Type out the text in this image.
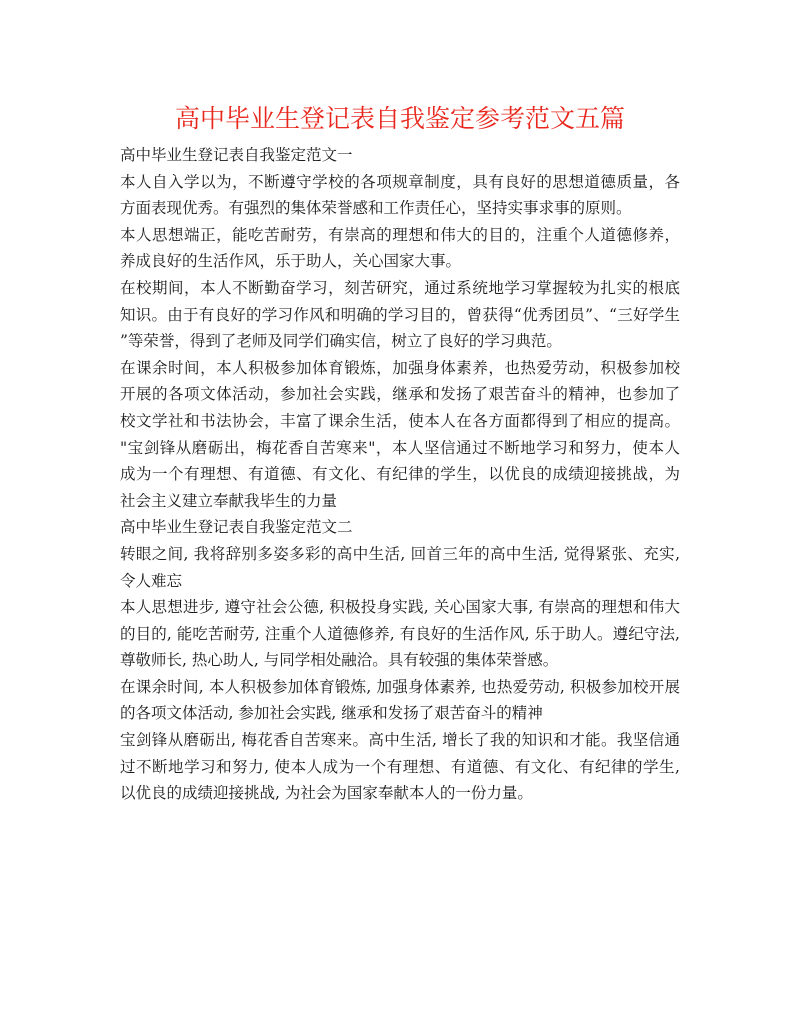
高中毕业生登记表自我鉴定参考范文五篇
高中毕业生登记表自我鉴定范文一
本人自入学以为，不断遵守学校的各项规章制度，具有良好的思想道德质量，各
方面表现优秀。有强烈的集体荣誉感和工作责任心，坚持实事求事的原则。
本人思想端正，能吃苦耐劳，有崇高的理想和伟大的目的，注重个人道德修养，
养成良好的生活作风，乐于助人，关心国家大事。
在校期间，本人不断勤奋学习，刻苦研究，通过系统地学习掌握较为扎实的根底
知识。由于有良好的学习作风和明确的学习目的，曾获得“优秀团员”、“三好学生
”等荣誉，得到了老师及同学们确实信，树立了良好的学习典范。
在课余时间，本人积极参加体育锻炼，加强身体素养，也热爱劳动，积极参加校
开展的各项文体活动，参加社会实践，继承和发扬了艰苦奋斗的精神，也参加了
校文学社和书法协会，丰富了课余生活，使本人在各方面都得到了相应的提高。
"宝剑锋从磨砺出，梅花香自苦寒来"，本人坚信通过不断地学习和努力，使本人
成为一个有理想、有道德、有文化、有纪律的学生，以优良的成绩迎接挑战，为
社会主义建立奉献我毕生的力量
高中毕业生登记表自我鉴定范文二
转眼之间, 我将辞别多姿多彩的高中生活, 回首三年的高中生活, 觉得紧张、充实,
令人难忘
本人思想进步, 遵守社会公德, 积极投身实践, 关心国家大事, 有崇高的理想和伟大
的目的, 能吃苦耐劳, 注重个人道德修养, 有良好的生活作风, 乐于助人。遵纪守法,
尊敬师长, 热心助人, 与同学相处融洽。具有较强的集体荣誉感。
在课余时间, 本人积极参加体育锻炼, 加强身体素养, 也热爱劳动, 积极参加校开展
的各项文体活动, 参加社会实践, 继承和发扬了艰苦奋斗的精神
宝剑锋从磨砺出, 梅花香自苦寒来。高中生活, 增长了我的知识和才能。我坚信通
过不断地学习和努力, 使本人成为一个有理想、有道德、有文化、有纪律的学生,
以优良的成绩迎接挑战, 为社会为国家奉献本人的一份力量。
